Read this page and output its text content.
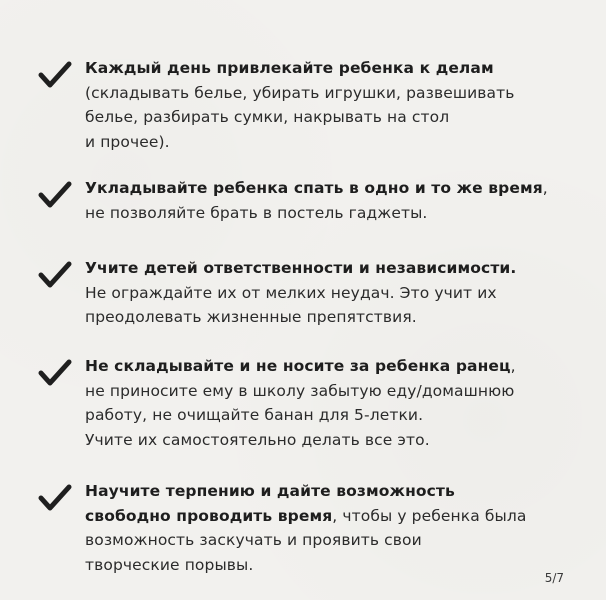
Каждый день привлекайте ребенка к делам
(складывать белье, убирать игрушки, развешивать
белье, разбирать сумки, накрывать на стол
и прочее).
Укладывайте ребенка спать в одно и то же время,
не позволяйте брать в постель гаджеты.
Учите детей ответственности и независимости.
Не ограждайте их от мелких неудач. Это учит их
преодолевать жизненные препятствия.
Не складывайте и не носите за ребенка ранец,
не приносите ему в школу забытую еду/домашнюю
работу, не очищайте банан для 5-летки.
Учите их самостоятельно делать все это.
Научите терпению и дайте возможность
свободно проводить время, чтобы у ребенка была
возможность заскучать и проявить свои
творческие порывы.
5/7
